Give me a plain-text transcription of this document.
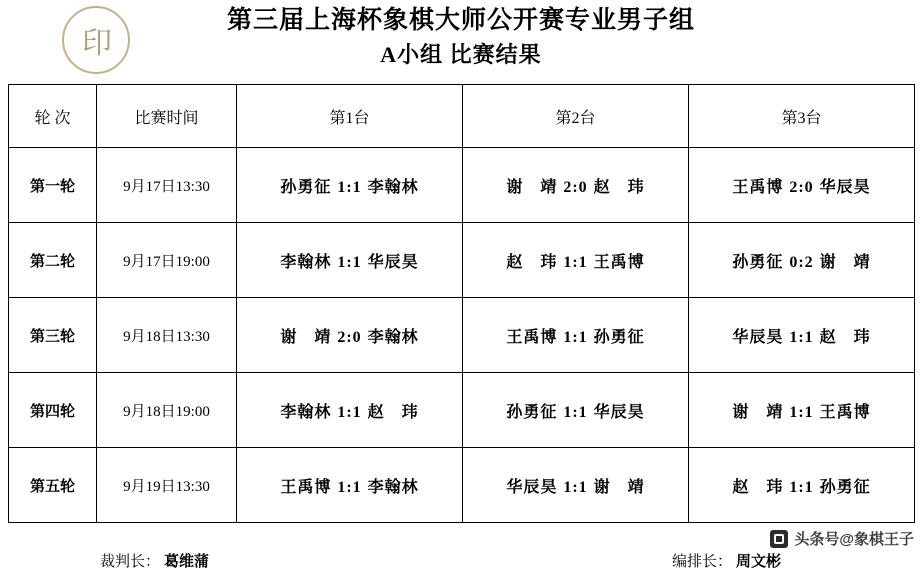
印
第三届上海杯象棋大师公开赛专业男子组
A小组 比赛结果
轮 次	比赛时间	第1台	第2台	第3台
第一轮	9月17日13:30	孙勇征 1:1 李翰林	谢　靖 2:0 赵　玮	王禹博 2:0 华辰昊
第二轮	9月17日19:00	李翰林 1:1 华辰昊	赵　玮 1:1 王禹博	孙勇征 0:2 谢　靖
第三轮	9月18日13:30	谢　靖 2:0 李翰林	王禹博 1:1 孙勇征	华辰昊 1:1 赵　玮
第四轮	9月18日19:00	李翰林 1:1 赵　玮	孙勇征 1:1 华辰昊	谢　靖 1:1 王禹博
第五轮	9月19日13:30	王禹博 1:1 李翰林	华辰昊 1:1 谢　靖	赵　玮 1:1 孙勇征
裁判长： 葛维蒲	编排长： 周文彬
头条号@象棋王子
